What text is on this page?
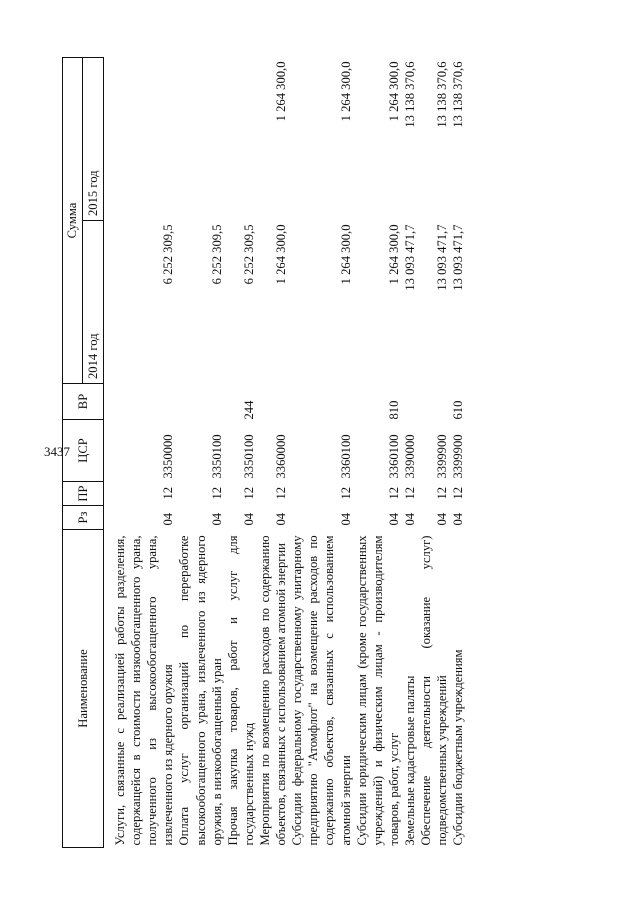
3437
Наименование	Рз	ПР	ЦСР	ВР	Сумма	
					2014 год	2015 год
Услуги, связанные с реализацией работы разделения, содержащейся в стоимости низкообогащенного урана, полученного из высокообогащенного урана, извлеченного из ядерного оружия	04	12	3350000		6 252 309,5	
Оплата услуг организаций по переработке высокообогащенного урана, извлеченного из ядерного оружия, в низкообогащенный уран	04	12	3350100		6 252 309,5	
Прочая закупка товаров, работ и услуг для государственных нужд	04	12	3350100	244	6 252 309,5	
Мероприятия по возмещению расходов по содержанию объектов, связанных с использованием атомной энергии	04	12	3360000		1 264 300,0	1 264 300,0
Субсидии федеральному государственному унитарному предприятию "Атомфлот" на возмещение расходов по содержанию объектов, связанных с использованием атомной энергии	04	12	3360100		1 264 300,0	1 264 300,0
Субсидии юридическим лицам (кроме государственных учреждений) и физическим лицам - производителям товаров, работ, услуг	04	12	3360100	810	1 264 300,0	1 264 300,0
Земельные кадастровые палаты	04	12	3390000		13 093 471,7	13 138 370,6
Обеспечение деятельности (оказание услуг) подведомственных учреждений	04	12	3399900		13 093 471,7	13 138 370,6
Субсидии бюджетным учреждениям	04	12	3399900	610	13 093 471,7	13 138 370,6
